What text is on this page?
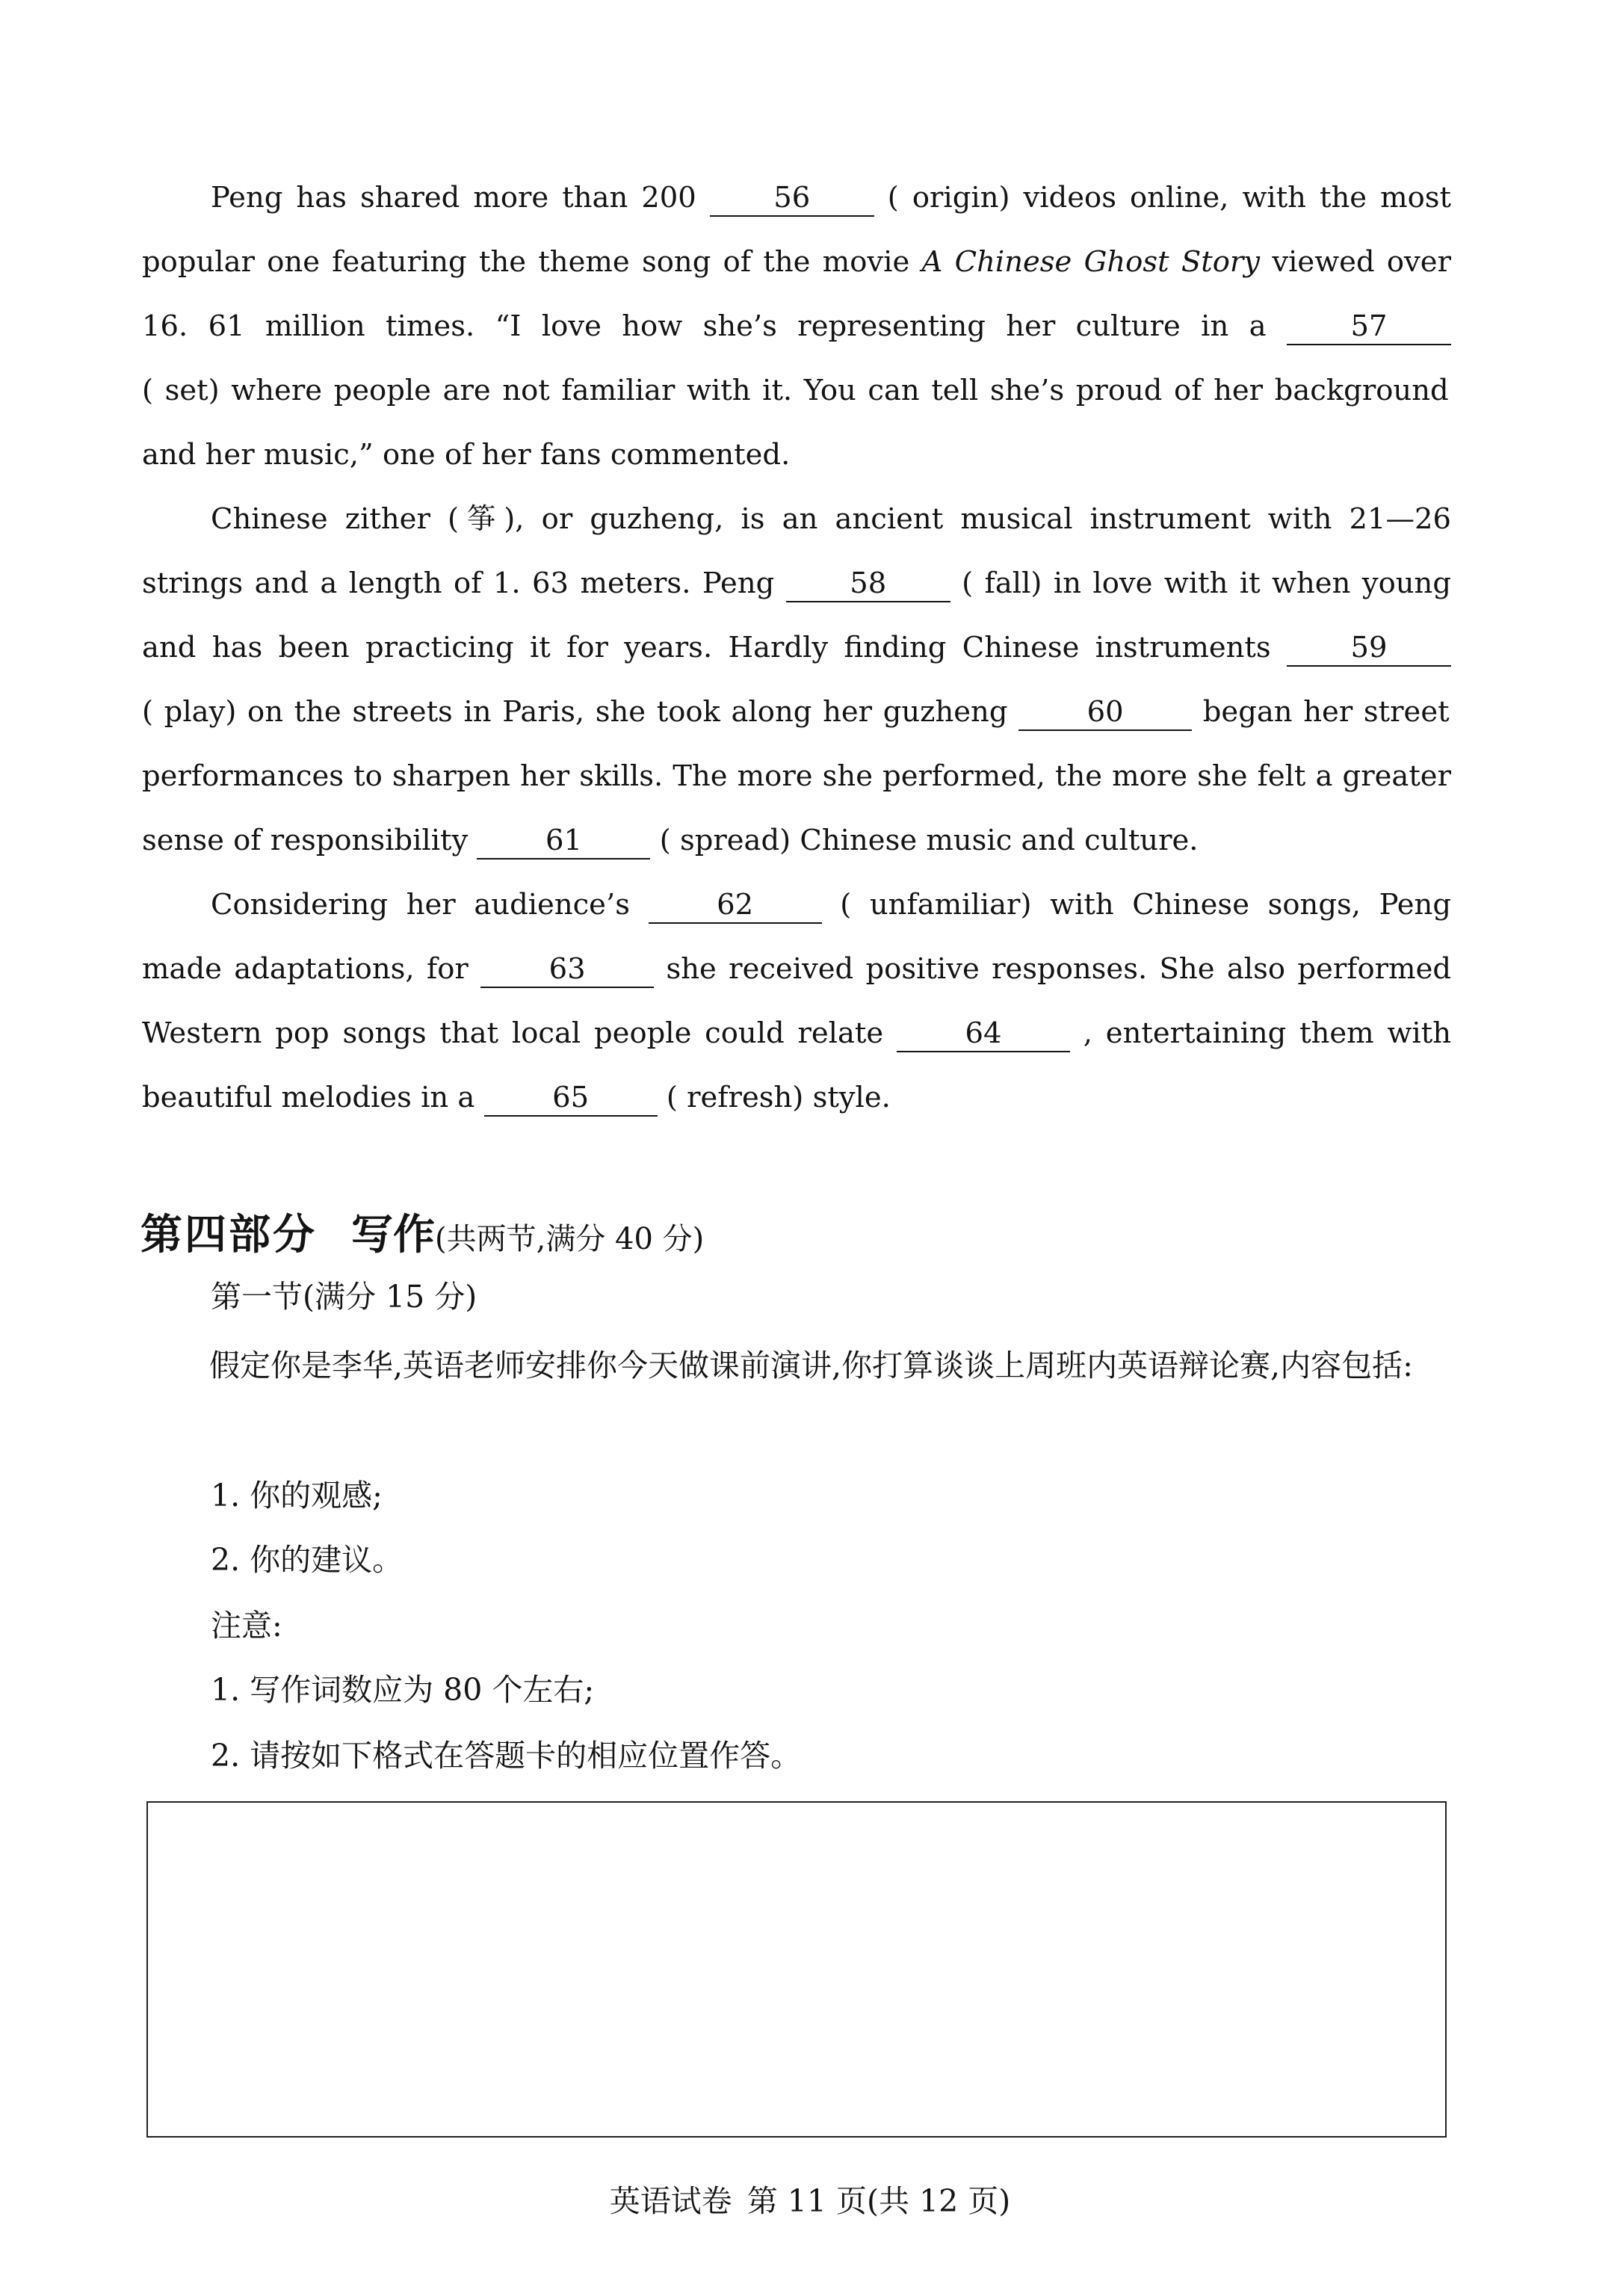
Peng has shared more than 200 56 ( origin) videos online, with the most popular one featuring the theme song of the movie A Chinese Ghost Story viewed over 16. 61 million times. “I love how she’s representing her culture in a 57 ( set) where people are not familiar with it. You can tell she’s proud of her background and her music,” one of her fans commented.

Chinese zither (筝), or guzheng, is an ancient musical instrument with 21—26 strings and a length of 1. 63 meters. Peng 58 ( fall) in love with it when young and has been practicing it for years. Hardly finding Chinese instruments 59 ( play) on the streets in Paris, she took along her guzheng 60 began her street performances to sharpen her skills. The more she performed, the more she felt a greater sense of responsibility 61 ( spread) Chinese music and culture.

Considering her audience’s 62 ( unfamiliar) with Chinese songs, Peng made adaptations, for 63 she received positive responses. She also performed Western pop songs that local people could relate 64 , entertaining them with beautiful melodies in a 65 ( refresh) style.

第四部分 写作(共两节,满分 40 分)
第一节(满分 15 分)

假定你是李华,英语老师安排你今天做课前演讲,你打算谈谈上周班内英语辩论赛,内容包括:

1. 你的观感;
2. 你的建议。
注意:
1. 写作词数应为 80 个左右;
2. 请按如下格式在答题卡的相应位置作答。
英语试卷 第 11 页(共 12 页)
